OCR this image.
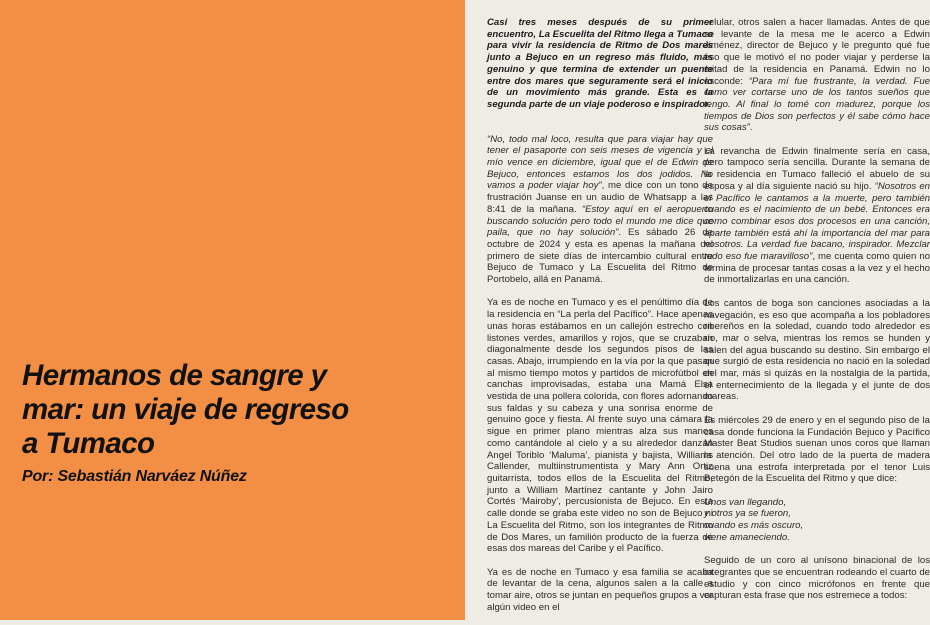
Hermanos de sangre y mar: un viaje de regreso a Tumaco
Por: Sebastián Narváez Núñez

Casi tres meses después de su primer encuentro, La Escuelita del Ritmo llega a Tumaco para vivir la residencia de Ritmo de Dos mares junto a Bejuco en un regreso más fluido, más genuino y que termina de extender un puente entre dos mares que seguramente será el inicio de un movimiento más grande. Esta es la segunda parte de un viaje poderoso e inspirador.

“No, todo mal loco, resulta que para viajar hay que tener el pasaporte con seis meses de vigencia y el mío vence en diciembre, igual que el de Edwin de Bejuco, entonces estamos los dos jodidos. No vamos a poder viajar hoy”, me dice con un tono de frustración Juanse en un audio de Whatsapp a las 8:41 de la mañana. “Estoy aquí en el aeropuerto buscando solución pero todo el mundo me dice que paila, que no hay solución”. Es sábado 26 de octubre de 2024 y esta es apenas la mañana del primero de siete días de intercambio cultural entre Bejuco de Tumaco y La Escuelita del Ritmo de Portobelo, allá en Panamá.

Ya es de noche en Tumaco y es el penúltimo día de la residencia en “La perla del Pacífico”. Hace apenas unas horas estábamos en un callejón estrecho con listones verdes, amarillos y rojos, que se cruzaban diagonalmente desde los segundos pisos de las casas. Abajo, irrumpiendo en la vía por la que pasan al mismo tiempo motos y partidos de microfútbol en canchas improvisadas, estaba una Mamá Elsa vestida de una pollera colorida, con flores adornando sus faldas y su cabeza y una sonrisa enorme de genuino goce y fiesta. Al frente suyo una cámara la sigue en primer plano mientras alza sus manos como cantándole al cielo y a su alrededor danzan Angel Toriblo ‘Maluma’, pianista y bajista, Williams Callender, multiinstrumentista y Mary Ann Ortiz guitarrista, todos ellos de la Escuelita del Ritmo, junto a William Martínez cantante y John Jairo Cortés ‘Mairoby’, percusionista de Bejuco. En esta calle donde se graba este video no son de Bejuco ni La Escuelita del Ritmo, son los integrantes de Ritmo de Dos Mares, un familión producto de la fuerza de esas dos mareas del Caribe y el Pacífico.

Ya es de noche en Tumaco y esa familia se acaba de levantar de la cena, algunos salen a la calle a tomar aire, otros se juntan en pequeños grupos a ver algún video en el

celular, otros salen a hacer llamadas. Antes de que se levante de la mesa me le acerco a Edwin Jiménez, director de Bejuco y le pregunto qué fue eso que le motivó el no poder viajar y perderse la mitad de la residencia en Panamá. Edwin no lo esconde: “Para mí fue frustrante, la verdad. Fue como ver cortarse uno de los tantos sueños que tengo. Al final lo tomé con madurez, porque los tiempos de Dios son perfectos y él sabe cómo hace sus cosas”.

La revancha de Edwin finalmente sería en casa, pero tampoco sería sencilla. Durante la semana de la residencia en Tumaco falleció el abuelo de su esposa y al día siguiente nació su hijo. “Nosotros en el Pacífico le cantamos a la muerte, pero también cuando es el nacimiento de un bebé. Entonces era como combinar esos dos procesos en una canción, aparte también está ahí la importancia del mar para nosotros. La verdad fue bacano, inspirador. Mezclar todo eso fue maravilloso”, me cuenta como quien no termina de procesar tantas cosas a la vez y el hecho de inmortalizarlas en una canción.

Los cantos de boga son canciones asociadas a la navegación, es eso que acompaña a los pobladores ribereños en la soledad, cuando todo alrededor es río, mar o selva, mientras los remos se hunden y salen del agua buscando su destino. Sin embargo el que surgió de esta residencia no nació en la soledad del mar, más si quizás en la nostalgia de la partida, el enternecimiento de la llegada y el junte de dos mareas.

Es miércoles 29 de enero y en el segundo piso de la casa donde funciona la Fundación Bejuco y Pacífico Master Beat Studios suenan unos coros que llaman la atención. Del otro lado de la puerta de madera suena una estrofa interpretada por el tenor Luis Betegón de la Escuelita del Ritmo y que dice:

Unos van llegando,
y otros ya se fueron,
cuando es más oscuro,
viene amaneciendo.

Seguido de un coro al unísono binacional de los integrantes que se encuentran rodeando el cuarto de estudio y con cinco micrófonos en frente que capturan esta frase que nos estremece a todos:
